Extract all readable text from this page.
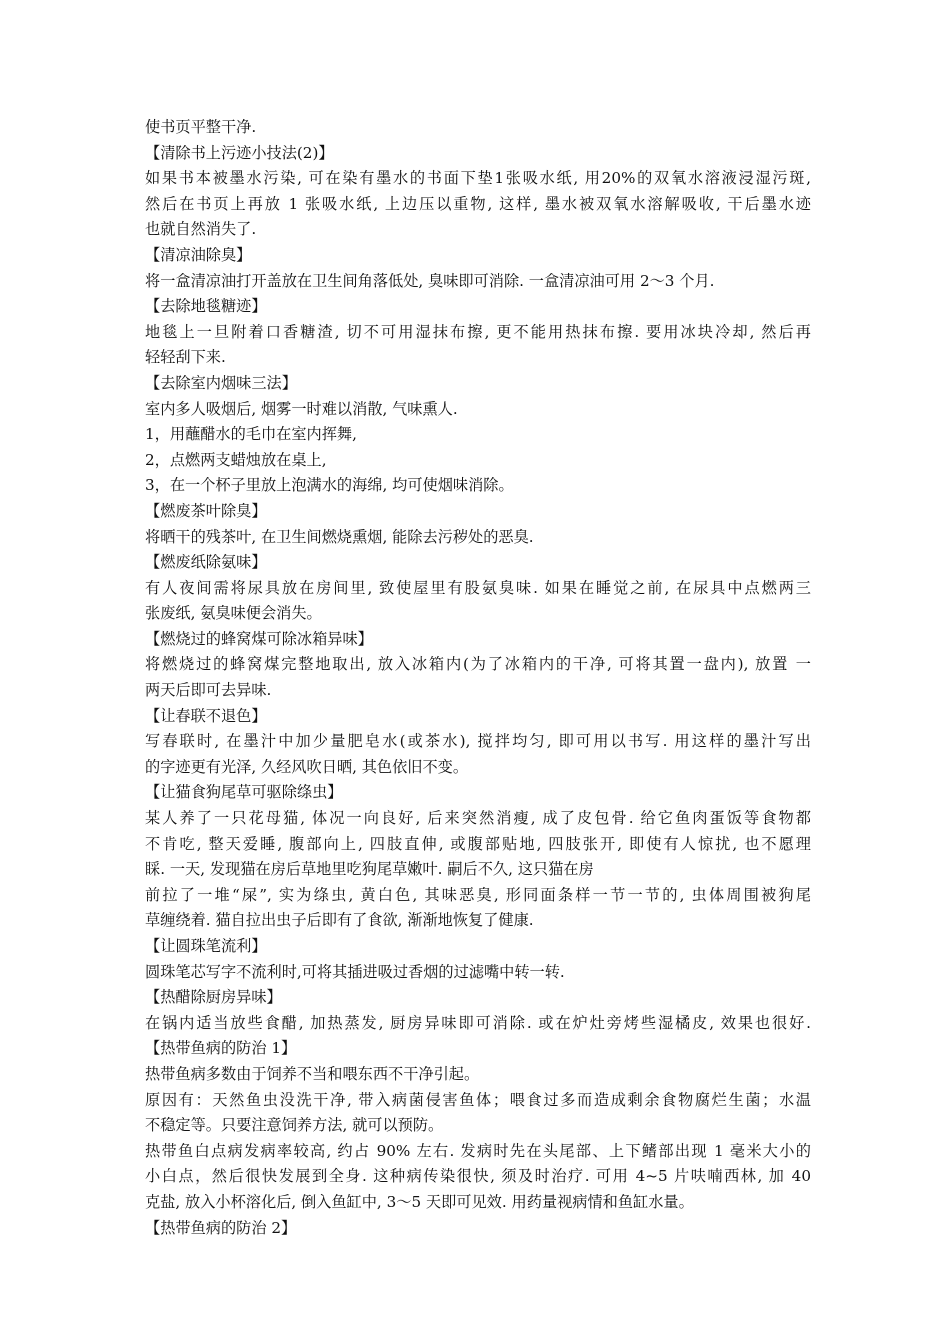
使书页平整干净.
【清除书上污迹小技法(2)】
如果书本被墨水污染, 可在染有墨水的书面下垫1张吸水纸, 用20%的双氧水溶液浸湿污斑,
然后在书页上再放 1 张吸水纸, 上边压以重物, 这样, 墨水被双氧水溶解吸收, 干后墨水迹
也就自然消失了.
【清凉油除臭】
将一盒清凉油打开盖放在卫生间角落低处, 臭味即可消除. 一盒清凉油可用 2～3 个月.
【去除地毯糖迹】
地毯上一旦附着口香糖渣, 切不可用湿抹布擦, 更不能用热抹布擦. 要用冰块冷却, 然后再
轻轻刮下来.
【去除室内烟味三法】
室内多人吸烟后, 烟雾一时难以消散, 气味熏人.
1，用蘸醋水的毛巾在室内挥舞,
2，点燃两支蜡烛放在桌上,
3，在一个杯子里放上泡满水的海绵, 均可使烟味消除。
【燃废茶叶除臭】
将晒干的残茶叶, 在卫生间燃烧熏烟, 能除去污秽处的恶臭.
【燃废纸除氨味】
有人夜间需将尿具放在房间里, 致使屋里有股氨臭味. 如果在睡觉之前, 在尿具中点燃两三
张废纸, 氨臭味便会消失。
【燃烧过的蜂窝煤可除冰箱异味】
将燃烧过的蜂窝煤完整地取出, 放入冰箱内(为了冰箱内的干净, 可将其置一盘内), 放置 一
两天后即可去异味.
【让春联不退色】
写春联时, 在墨汁中加少量肥皂水(或茶水), 搅拌均匀, 即可用以书写. 用这样的墨汁写出
的字迹更有光泽, 久经风吹日晒, 其色依旧不变。
【让猫食狗尾草可驱除绦虫】
某人养了一只花母猫, 体况一向良好, 后来突然消瘦, 成了皮包骨. 给它鱼肉蛋饭等食物都
不肯吃, 整天爱睡, 腹部向上, 四肢直伸, 或腹部贴地, 四肢张开, 即使有人惊扰, 也不愿理
睬. 一天, 发现猫在房后草地里吃狗尾草嫩叶. 嗣后不久, 这只猫在房
前拉了一堆“屎”, 实为绦虫, 黄白色, 其味恶臭, 形同面条样一节一节的, 虫体周围被狗尾
草缠绕着. 猫自拉出虫子后即有了食欲, 渐渐地恢复了健康.
【让圆珠笔流利】
圆珠笔芯写字不流利时,可将其插进吸过香烟的过滤嘴中转一转.
【热醋除厨房异味】
在锅内适当放些食醋, 加热蒸发, 厨房异味即可消除. 或在炉灶旁烤些湿橘皮, 效果也很好.
【热带鱼病的防治 1】
热带鱼病多数由于饲养不当和喂东西不干净引起。
原因有：天然鱼虫没洗干净, 带入病菌侵害鱼体；喂食过多而造成剩余食物腐烂生菌；水温
不稳定等。只要注意饲养方法, 就可以预防。
热带鱼白点病发病率较高, 约占 90% 左右. 发病时先在头尾部、上下鳍部出现 1 毫米大小的
小白点，然后很快发展到全身. 这种病传染很快, 须及时治疗. 可用 4~5 片呋喃西林, 加 40
克盐, 放入小杯溶化后, 倒入鱼缸中, 3～5 天即可见效. 用药量视病情和鱼缸水量。
【热带鱼病的防治 2】
